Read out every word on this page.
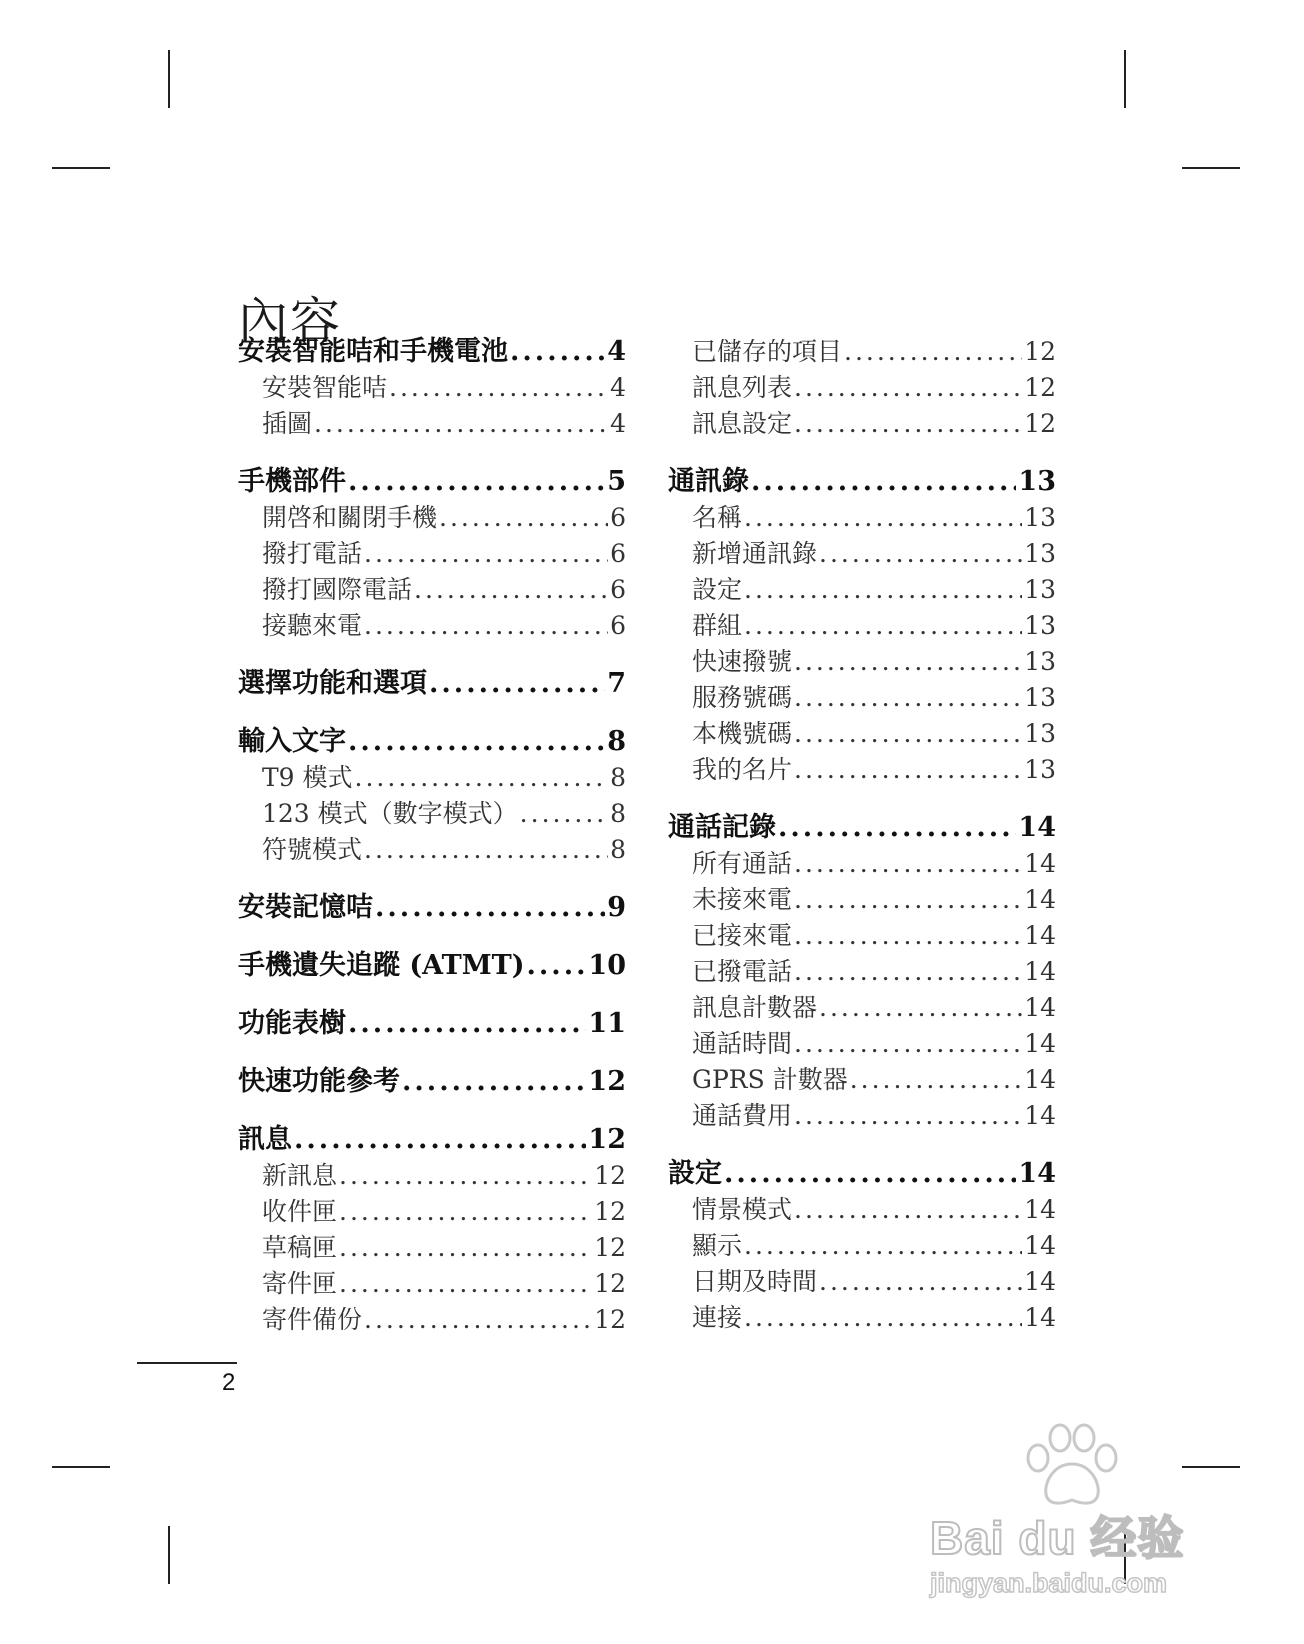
內容
安裝智能咭和手機電池 .....	4
安裝智能咭 .....	4
插圖 .....	4
手機部件 .....	5
開啓和關閉手機 .....	6
撥打電話 .....	6
撥打國際電話 .....	6
接聽來電 .....	6
選擇功能和選項 .....	7
輸入文字 .....	8
T9 模式 .....	8
123 模式（數字模式） .....	8
符號模式 .....	8
安裝記憶咭 .....	9
手機遺失追蹤 (ATMT) ..... 10
功能表樹 .....	11
快速功能參考 .....	12
訊息 .....	12
新訊息 .....	12
收件匣 .....	12
草稿匣 .....	12
寄件匣 .....	12
寄件備份 .....	12
已儲存的項目 .....	12
訊息列表 .....	12
訊息設定 .....	12
通訊錄 .....	13
名稱 .....	13
新增通訊錄 .....	13
設定 .....	13
群組 .....	13
快速撥號 .....	13
服務號碼 .....	13
本機號碼 .....	13
我的名片 .....	13
通話記錄 .....	14
所有通話 .....	14
未接來電 .....	14
已接來電 .....	14
已撥電話 .....	14
訊息計數器 .....	14
通話時間 .....	14
GPRS 計數器 .....	14
通話費用 .....	14
設定 .....	14
情景模式 .....	14
顯示 .....	14
日期及時間 .....	14
連接 .....	14
2
Bai du 经验
jingyan.baidu.com
